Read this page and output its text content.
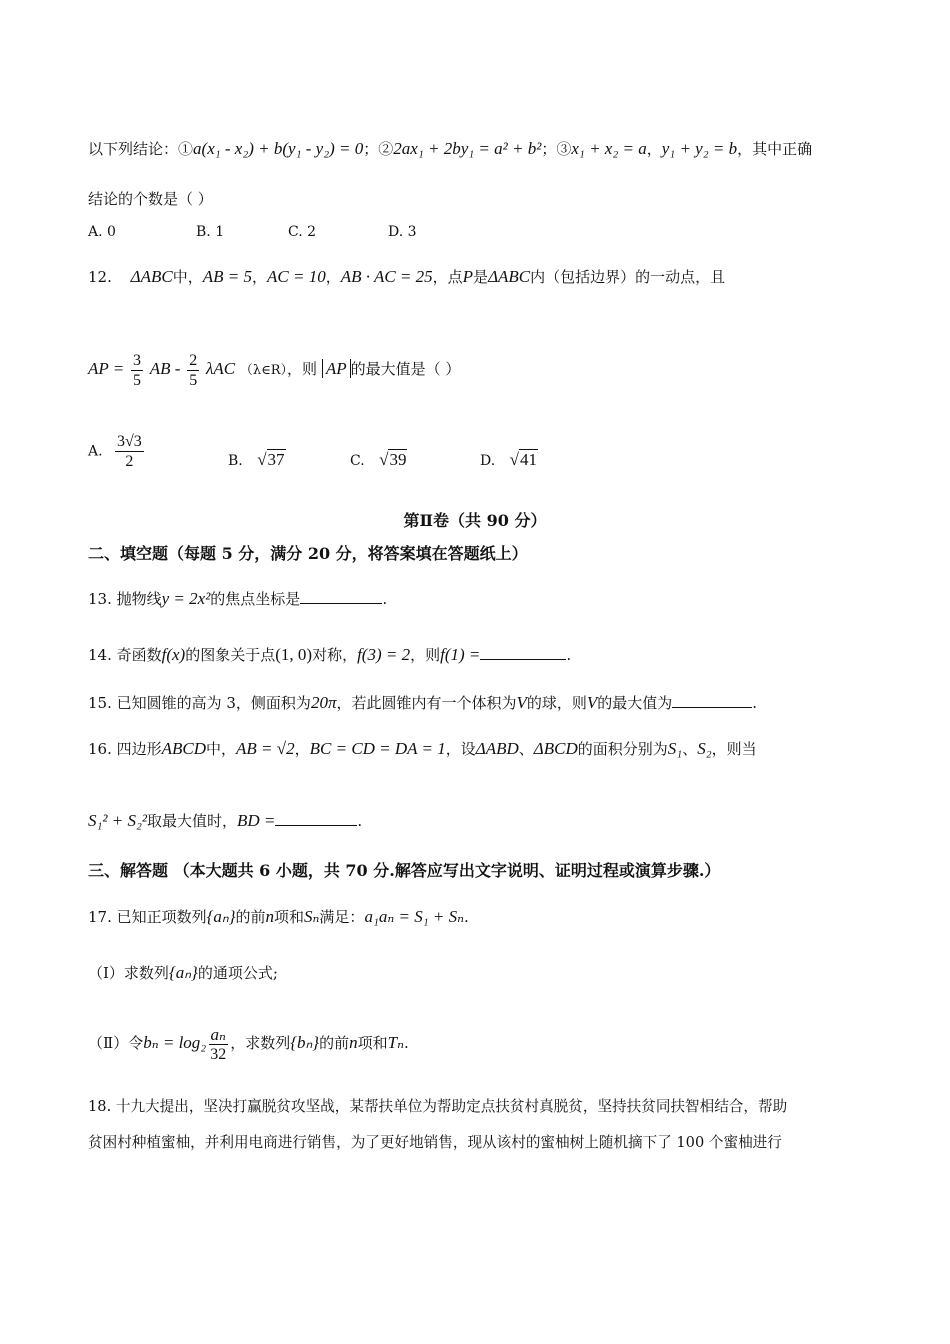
以下列结论：①a(x₁ - x₂) + b(y₁ - y₂) = 0；②2ax₁ + 2by₁ = a² + b²；③x₁ + x₂ = a，y₁ + y₂ = b，其中正确
结论的个数是（ ）
A. 0	B. 1	C. 2	D. 3
12. ΔABC中，AB = 5，AC = 10，AB · AC = 25，点P是ΔABC内（包括边界）的一动点，且
AP = $\frac{3}{5}$ AB - $\frac{2}{5}$ λAC （λ∈R），则 AP 的最大值是（ ）
A. $\frac{3√3}{2}$	B. √37	C. √39	D. √41
第Ⅱ卷（共 90 分）
二、填空题（每题 5 分，满分 20 分，将答案填在答题纸上）
13. 抛物线y = 2x²的焦点坐标是	.
14. 奇函数f(x)的图象关于点(1, 0)对称，f(3) = 2，则f(1) =	.
15. 已知圆锥的高为 3，侧面积为20π，若此圆锥内有一个体积为V的球，则V的最大值为	.
16. 四边形ABCD中，AB = √2，BC = CD = DA = 1，设ΔABD、ΔBCD的面积分别为S₁、S₂，则当
S₁² + S₂²取最大值时，BD =	.
三、解答题 （本大题共 6 小题，共 70 分.解答应写出文字说明、证明过程或演算步骤.）
17. 已知正项数列{aₙ}的前n项和Sₙ满足：a₁aₙ = S₁ + Sₙ.
（Ⅰ）求数列{aₙ}的通项公式;
（Ⅱ）令$b_n = \log_2 \frac{\text{aₙ}}{32}$ ，求数列{bₙ}的前n项和Tₙ.
18. 十九大提出，坚决打赢脱贫攻坚战，某帮扶单位为帮助定点扶贫村真脱贫，坚持扶贫同扶智相结合，帮助
贫困村种植蜜柚，并利用电商进行销售，为了更好地销售，现从该村的蜜柚树上随机摘下了 100 个蜜柚进行
